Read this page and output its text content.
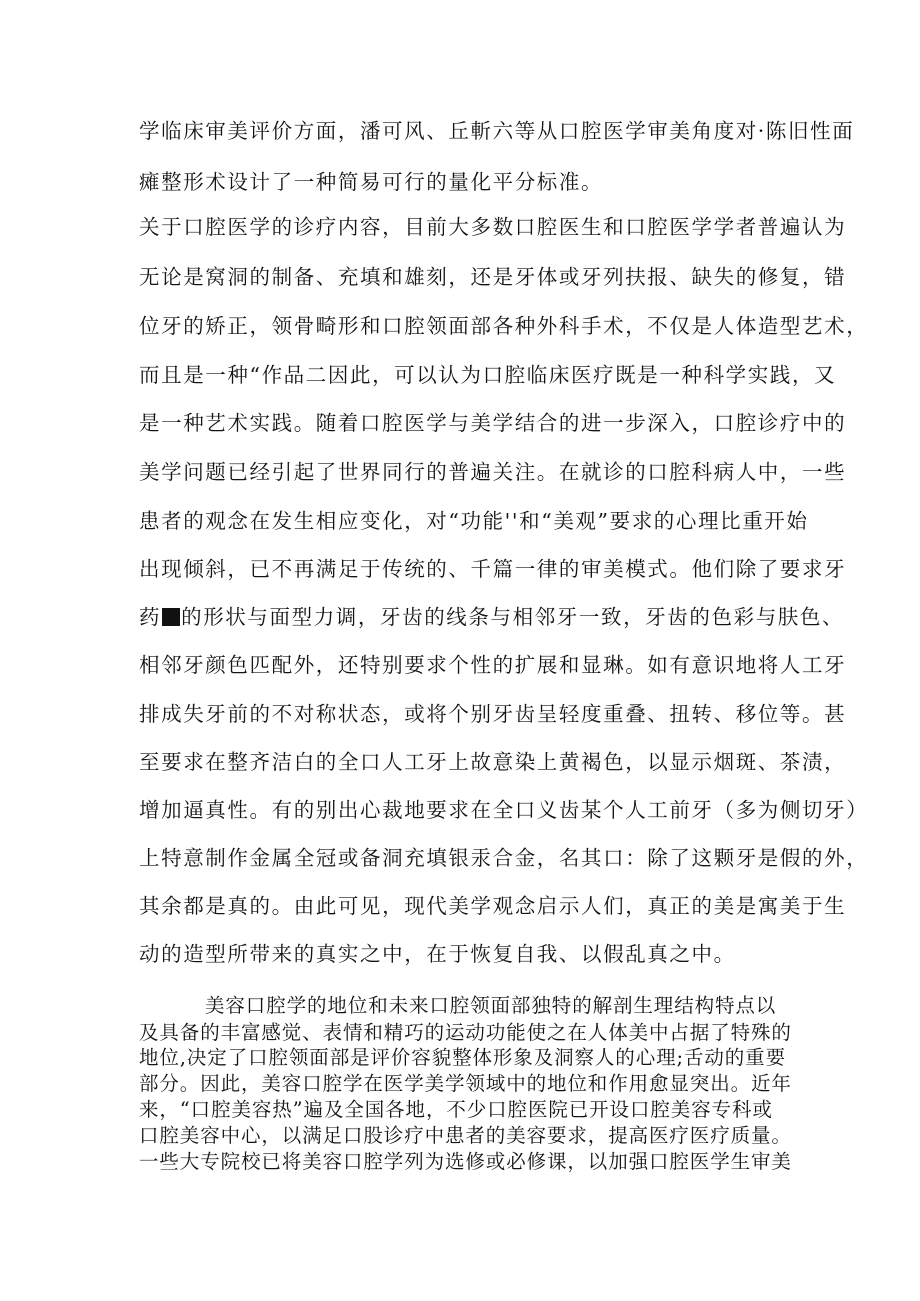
学临床审美评价方面，潘可风、丘斬六等从口腔医学审美角度对·陈旧性面
瘫整形术设计了一种简易可行的量化平分标准。
关于口腔医学的诊疗内容，目前大多数口腔医生和口腔医学学者普遍认为
无论是窝洞的制备、充填和雄刻，还是牙体或牙列扶报、缺失的修复，错
位牙的矫正，领骨畸形和口腔领面部各种外科手术，不仅是人体造型艺术，
而且是一种“作品二因此，可以认为口腔临床医疗既是一种科学实践，又
是一种艺术实践。随着口腔医学与美学结合的进一步深入，口腔诊疗中的
美学问题已经引起了世界同行的普遍关注。在就诊的口腔科病人中，一些
患者的观念在发生相应变化，对“功能''和“美观”要求的心理比重开始
出现倾斜，已不再满足于传统的、千篇一律的审美模式。他们除了要求牙
药 的形状与面型力调，牙齿的线条与相邻牙一致，牙齿的色彩与肤色、
相邻牙颜色匹配外，还特别要求个性的扩展和显琳。如有意识地将人工牙
排成失牙前的不对称状态，或将个别牙齿呈轻度重叠、扭转、移位等。甚
至要求在整齐洁白的全口人工牙上故意染上黄褐色，以显示烟斑、茶渍，
增加逼真性。有的别出心裁地要求在全口义齿某个人工前牙（多为侧切牙）
上特意制作金属全冠或备洞充填银汞合金，名其口：除了这颗牙是假的外，
其余都是真的。由此可见，现代美学观念启示人们，真正的美是寓美于生
动的造型所带来的真实之中，在于恢复自我、以假乱真之中。
美容口腔学的地位和未来口腔领面部独特的解剖生理结构特点以
及具备的丰富感觉、表情和精巧的运动功能使之在人体美中占据了特殊的
地位,决定了口腔领面部是评价容貌整体形象及洞察人的心理;舌动的重要
部分。因此，美容口腔学在医学美学领域中的地位和作用愈显突出。近年
来，“口腔美容热”遍及全国各地，不少口腔医院已开设口腔美容专科或
口腔美容中心，以满足口股诊疗中患者的美容要求，提高医疗医疗质量。
一些大专院校已将美容口腔学列为选修或必修课，以加强口腔医学生审美
